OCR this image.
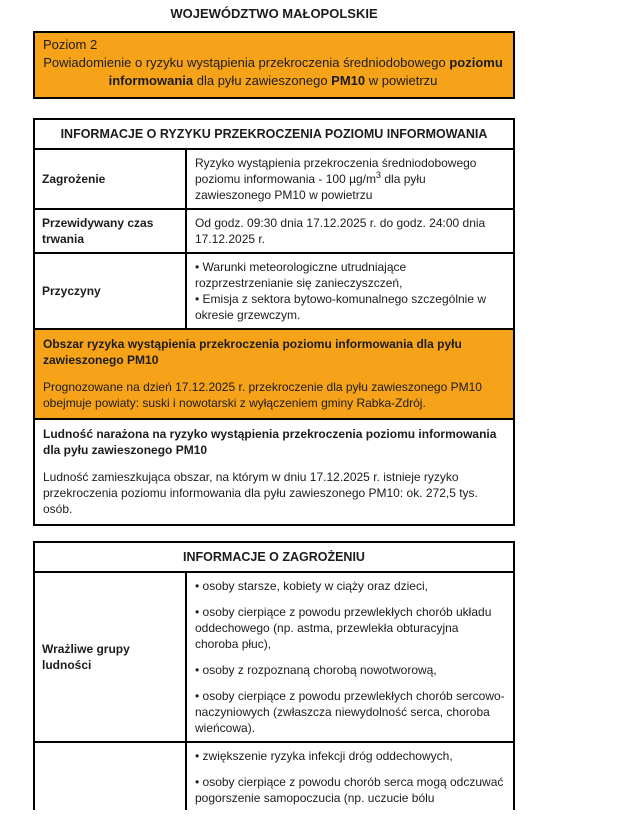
WOJEWÓDZTWO MAŁOPOLSKIE
Poziom 2
Powiadomienie o ryzyku wystąpienia przekroczenia średniodobowego poziomu informowania dla pyłu zawieszonego PM10 w powietrzu
INFORMACJE O RYZYKU PRZEKROCZENIA POZIOMU INFORMOWANIA
Zagrożenie
Ryzyko wystąpienia przekroczenia średniodobowego poziomu informowania - 100 $\mu g/m^3$ dla pyłu zawieszonego PM10 w powietrzu
Przewidywany czas trwania
Od godz. 09:30 dnia 17.12.2025 r. do godz. 24:00 dnia 17.12.2025 r.
Przyczyny
• Warunki meteorologiczne utrudniające rozprzestrzenianie się zanieczyszczeń,
• Emisja z sektora bytowo-komunalnego szczególnie w okresie grzewczym.
Obszar ryzyka wystąpienia przekroczenia poziomu informowania dla pyłu zawieszonego PM10
Prognozowane na dzień 17.12.2025 r. przekroczenie dla pyłu zawieszonego PM10 obejmuje powiaty: suski i nowotarski z wyłączeniem gminy Rabka-Zdrój.
Ludność narażona na ryzyko wystąpienia przekroczenia poziomu informowania dla pyłu zawieszonego PM10
Ludność zamieszkująca obszar, na którym w dniu 17.12.2025 r. istnieje ryzyko przekroczenia poziomu informowania dla pyłu zawieszonego PM10: ok. 272,5 tys. osób.
INFORMACJE O ZAGROŻENIU
Wrażliwe grupy ludności
• osoby starsze, kobiety w ciąży oraz dzieci,
• osoby cierpiące z powodu przewlekłych chorób układu oddechowego (np. astma, przewlekła obturacyjna choroba płuc),
• osoby z rozpoznaną chorobą nowotworową,
• osoby cierpiące z powodu przewlekłych chorób sercowo-naczyniowych (zwłaszcza niewydolność serca, choroba wieńcowa).
• zwiększenie ryzyka infekcji dróg oddechowych,
• osoby cierpiące z powodu chorób serca mogą odczuwać pogorszenie samopoczucia (np. uczucie bólu
